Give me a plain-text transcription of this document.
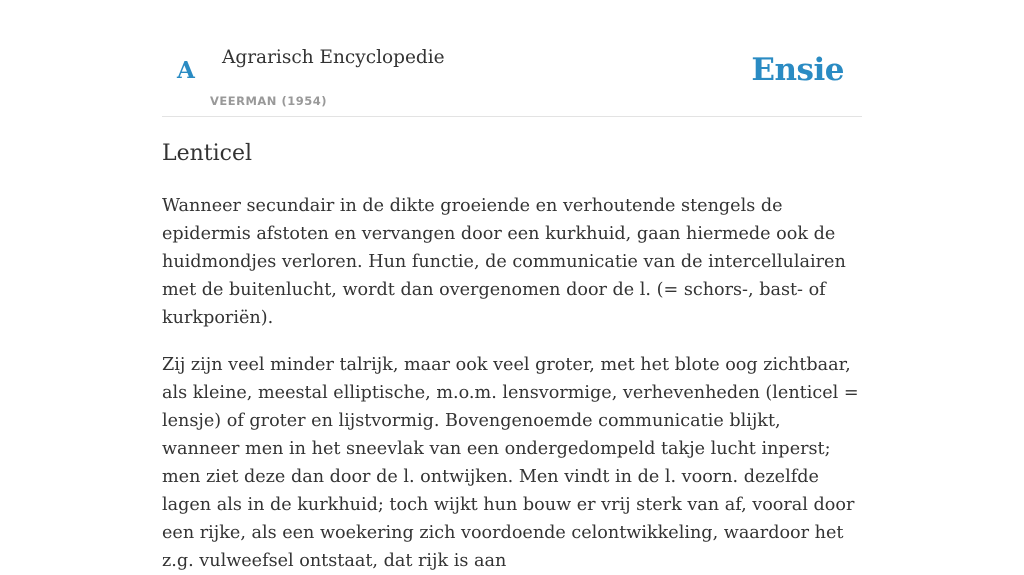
A Agrarisch Encyclopedie
VEERMAN (1954)
Ensie
Lenticel

Wanneer secundair in de dikte groeiende en verhoutende stengels de epidermis afstoten en vervangen door een kurkhuid, gaan hiermede ook de huidmondjes verloren. Hun functie, de communicatie van de intercellulairen met de buitenlucht, wordt dan overgenomen door de l. (= schors-, bast- of kurkporiën).

Zij zijn veel minder talrijk, maar ook veel groter, met het blote oog zichtbaar, als kleine, meestal elliptische, m.o.m. lensvormige, verhevenheden (lenticel = lensje) of groter en lijstvormig. Bovengenoemde communicatie blijkt, wanneer men in het sneevlak van een ondergedompeld takje lucht inperst; men ziet deze dan door de l. ontwijken. Men vindt in de l. voorn. dezelfde lagen als in de kurkhuid; toch wijkt hun bouw er vrij sterk van af, vooral door een rijke, als een woekering zich voordoende celontwikkeling, waardoor het z.g. vulweefsel ontstaat, dat rijk is aan
